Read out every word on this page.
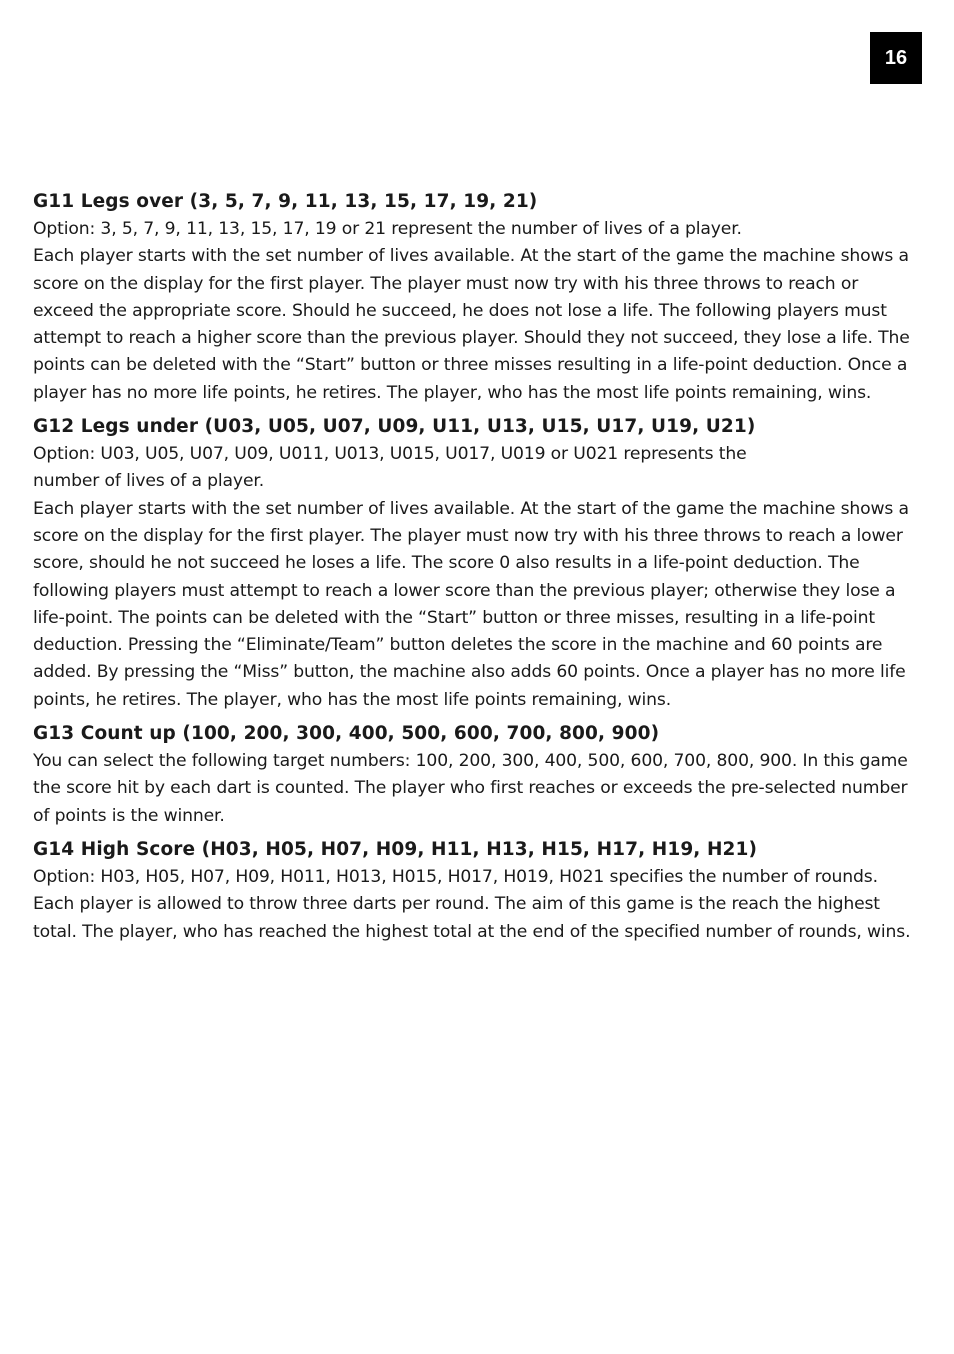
16
G11 Legs over (3, 5, 7, 9, 11, 13, 15, 17, 19, 21)

Option: 3, 5, 7, 9, 11, 13, 15, 17, 19 or 21 represent the number of lives of a player.

Each player starts with the set number of lives available. At the start of the game the machine shows a score on the display for the first player. The player must now try with his three throws to reach or exceed the appropriate score. Should he succeed, he does not lose a life. The following players must attempt to reach a higher score than the previous player. Should they not succeed, they lose a life. The points can be deleted with the “Start” button or three misses resulting in a life-point deduction. Once a player has no more life points, he retires. The player, who has the most life points remaining, wins.

G12 Legs under (U03, U05, U07, U09, U11, U13, U15, U17, U19, U21)

Option: U03, U05, U07, U09, U011, U013, U015, U017, U019 or U021 represents the

number of lives of a player.

Each player starts with the set number of lives available. At the start of the game the machine shows a score on the display for the first player. The player must now try with his three throws to reach a lower score, should he not succeed he loses a life. The score 0 also results in a life-point deduction. The following players must attempt to reach a lower score than the previous player; otherwise they lose a life-point. The points can be deleted with the “Start” button or three misses, resulting in a life-point deduction. Pressing the “Eliminate/Team” button deletes the score in the machine and 60 points are added. By pressing the “Miss” button, the machine also adds 60 points. Once a player has no more life points, he retires. The player, who has the most life points remaining, wins.

G13 Count up (100, 200, 300, 400, 500, 600, 700, 800, 900)

You can select the following target numbers: 100, 200, 300, 400, 500, 600, 700, 800, 900. In this game the score hit by each dart is counted. The player who first reaches or exceeds the pre-selected number of points is the winner.

G14 High Score (H03, H05, H07, H09, H11, H13, H15, H17, H19, H21)

Option: H03, H05, H07, H09, H011, H013, H015, H017, H019, H021 specifies the number of rounds. Each player is allowed to throw three darts per round. The aim of this game is the reach the highest total. The player, who has reached the highest total at the end of the specified number of rounds, wins.
